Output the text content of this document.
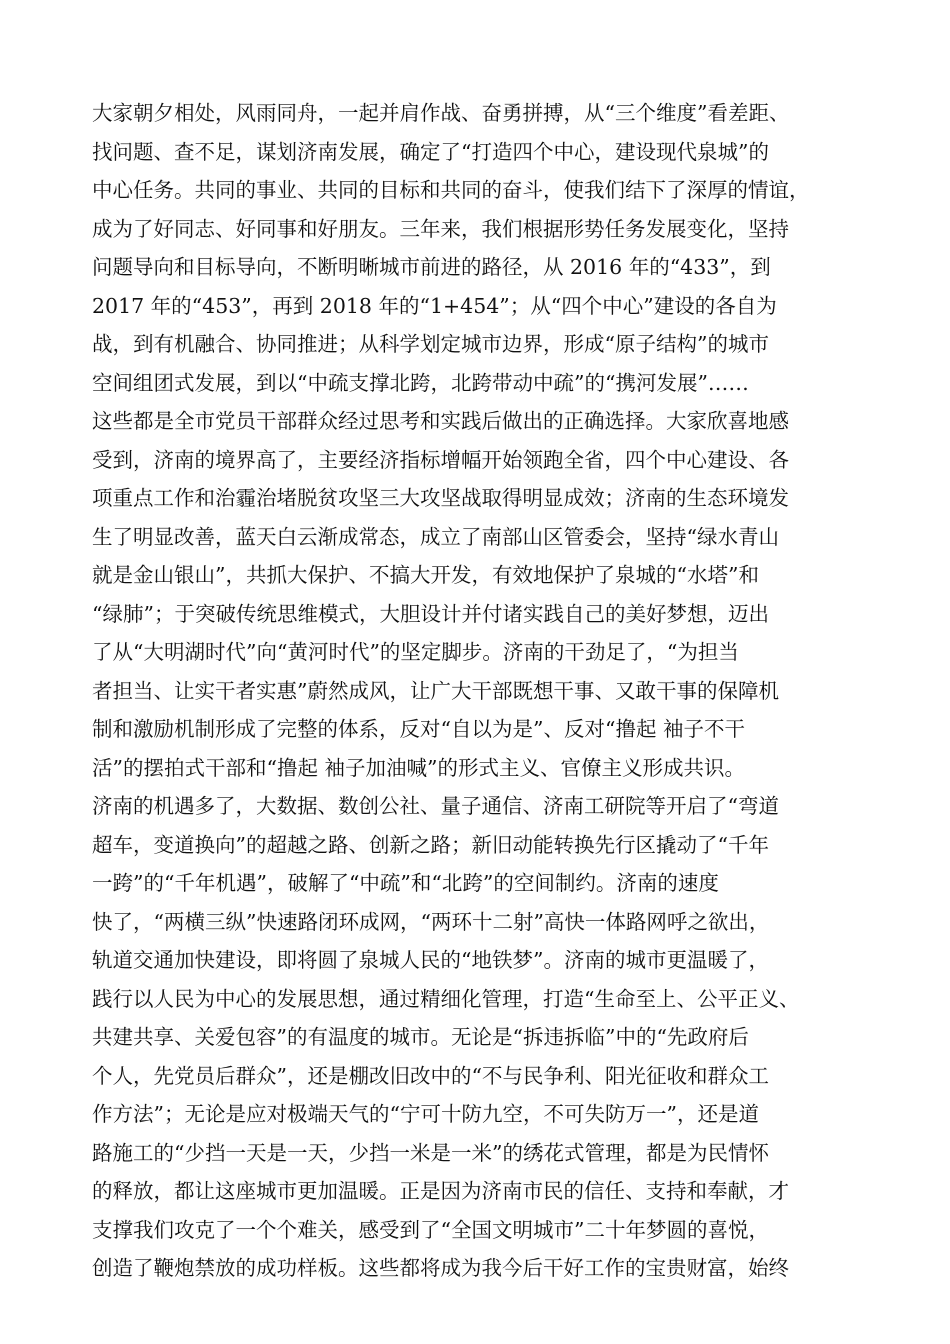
大家朝夕相处，风雨同舟，一起并肩作战、奋勇拼搏，从“三个维度”看差距、
找问题、查不足，谋划济南发展，确定了“打造四个中心，建设现代泉城”的
中心任务。共同的事业、共同的目标和共同的奋斗，使我们结下了深厚的情谊，
成为了好同志、好同事和好朋友。三年来，我们根据形势任务发展变化，坚持
问题导向和目标导向，不断明晰城市前进的路径，从 2016 年的“433”，到
2017 年的“453”，再到 2018 年的“1+454”；从“四个中心”建设的各自为
战，到有机融合、协同推进；从科学划定城市边界，形成“原子结构”的城市
空间组团式发展，到以“中疏支撑北跨，北跨带动中疏”的“携河发展”……
这些都是全市党员干部群众经过思考和实践后做出的正确选择。大家欣喜地感
受到，济南的境界高了，主要经济指标增幅开始领跑全省，四个中心建设、各
项重点工作和治霾治堵脱贫攻坚三大攻坚战取得明显成效；济南的生态环境发
生了明显改善，蓝天白云渐成常态，成立了南部山区管委会，坚持“绿水青山
就是金山银山”，共抓大保护、不搞大开发，有效地保护了泉城的“水塔”和
“绿肺”；于突破传统思维模式，大胆设计并付诸实践自己的美好梦想，迈出
了从“大明湖时代”向“黄河时代”的坚定脚步。济南的干劲足了，“为担当
者担当、让实干者实惠”蔚然成风，让广大干部既想干事、又敢干事的保障机
制和激励机制形成了完整的体系，反对“自以为是”、反对“撸起 袖子不干
活”的摆拍式干部和“撸起 袖子加油喊”的形式主义、官僚主义形成共识。
济南的机遇多了，大数据、数创公社、量子通信、济南工研院等开启了“弯道
超车，变道换向”的超越之路、创新之路；新旧动能转换先行区撬动了“千年
一跨”的“千年机遇”，破解了“中疏”和“北跨”的空间制约。济南的速度
快了，“两横三纵”快速路闭环成网，“两环十二射”高快一体路网呼之欲出，
轨道交通加快建设，即将圆了泉城人民的“地铁梦”。济南的城市更温暖了，
践行以人民为中心的发展思想，通过精细化管理，打造“生命至上、公平正义、
共建共享、关爱包容”的有温度的城市。无论是“拆违拆临”中的“先政府后
个人，先党员后群众”，还是棚改旧改中的“不与民争利、阳光征收和群众工
作方法”；无论是应对极端天气的“宁可十防九空，不可失防万一”，还是道
路施工的“少挡一天是一天，少挡一米是一米”的绣花式管理，都是为民情怀
的释放，都让这座城市更加温暖。正是因为济南市民的信任、支持和奉献，才
支撑我们攻克了一个个难关，感受到了“全国文明城市”二十年梦圆的喜悦，
创造了鞭炮禁放的成功样板。这些都将成为我今后干好工作的宝贵财富，始终
